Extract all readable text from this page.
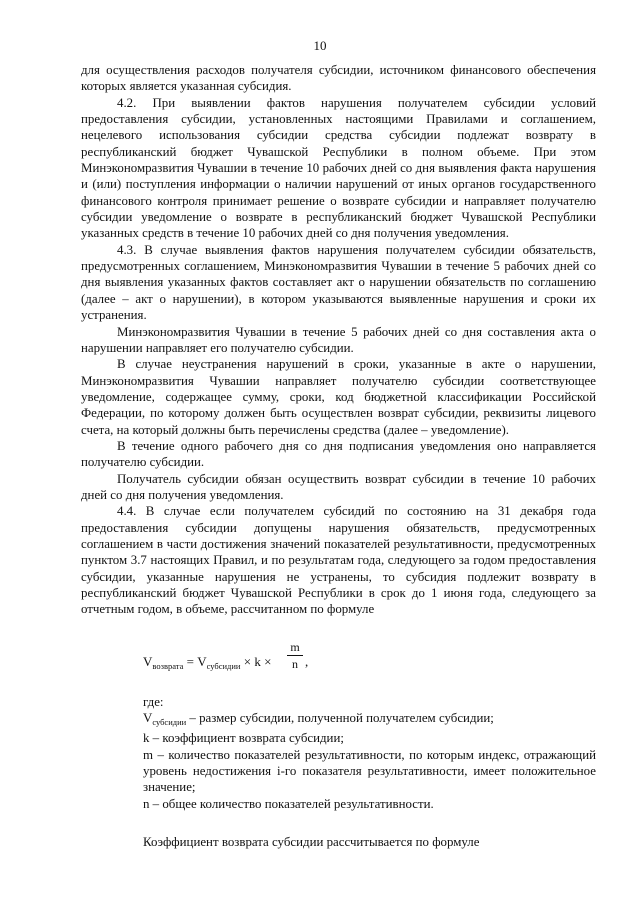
10

для осуществления расходов получателя субсидии, источником финансового обеспечения которых является указанная субсидия.

4.2. При выявлении фактов нарушения получателем субсидии условий предоставления субсидии, установленных настоящими Правилами и соглашением, нецелевого использования субсидии средства субсидии подлежат возврату в республиканский бюджет Чувашской Республики в полном объеме. При этом Минэкономразвития Чувашии в течение 10 рабочих дней со дня выявления факта нарушения и (или) поступления информации о наличии нарушений от иных органов государственного финансового контроля принимает решение о возврате субсидии и направляет получателю субсидии уведомление о возврате в республиканский бюджет Чувашской Республики указанных средств в течение 10 рабочих дней со дня получения уведомления.

4.3. В случае выявления фактов нарушения получателем субсидии обязательств, предусмотренных соглашением, Минэкономразвития Чувашии в течение 5 рабочих дней со дня выявления указанных фактов составляет акт о нарушении обязательств по соглашению (далее – акт о нарушении), в котором указываются выявленные нарушения и сроки их устранения.

Минэкономразвития Чувашии в течение 5 рабочих дней со дня составления акта о нарушении направляет его получателю субсидии.

В случае неустранения нарушений в сроки, указанные в акте о нарушении, Минэкономразвития Чувашии направляет получателю субсидии соответствующее уведомление, содержащее сумму, сроки, код бюджетной классификации Российской Федерации, по которому должен быть осуществлен возврат субсидии, реквизиты лицевого счета, на который должны быть перечислены средства (далее – уведомление).

В течение одного рабочего дня со дня подписания уведомления оно направляется получателю субсидии.

Получатель субсидии обязан осуществить возврат субсидии в течение 10 рабочих дней со дня получения уведомления.

4.4. В случае если получателем субсидий по состоянию на 31 декабря года предоставления субсидии допущены нарушения обязательств, предусмотренных соглашением в части достижения значений показателей результативности, предусмотренных пунктом 3.7 настоящих Правил, и по результатам года, следующего за годом предоставления субсидии, указанные нарушения не устранены, то субсидия подлежит возврату в республиканский бюджет Чувашской Республики в срок до 1 июня года, следующего за отчетным годом, в объеме, рассчитанном по формуле

$V_{возврата} = V_{субсидии} \times k$ ×
m
n ,

где:

$V_{субсидии}$ – размер субсидии, полученной получателем субсидии;

k – коэффициент возврата субсидии;

m – количество показателей результативности, по которым индекс, отражающий уровень недостижения i-го показателя результативности, имеет положительное значение;

n – общее количество показателей результативности.

Коэффициент возврата субсидии рассчитывается по формуле
